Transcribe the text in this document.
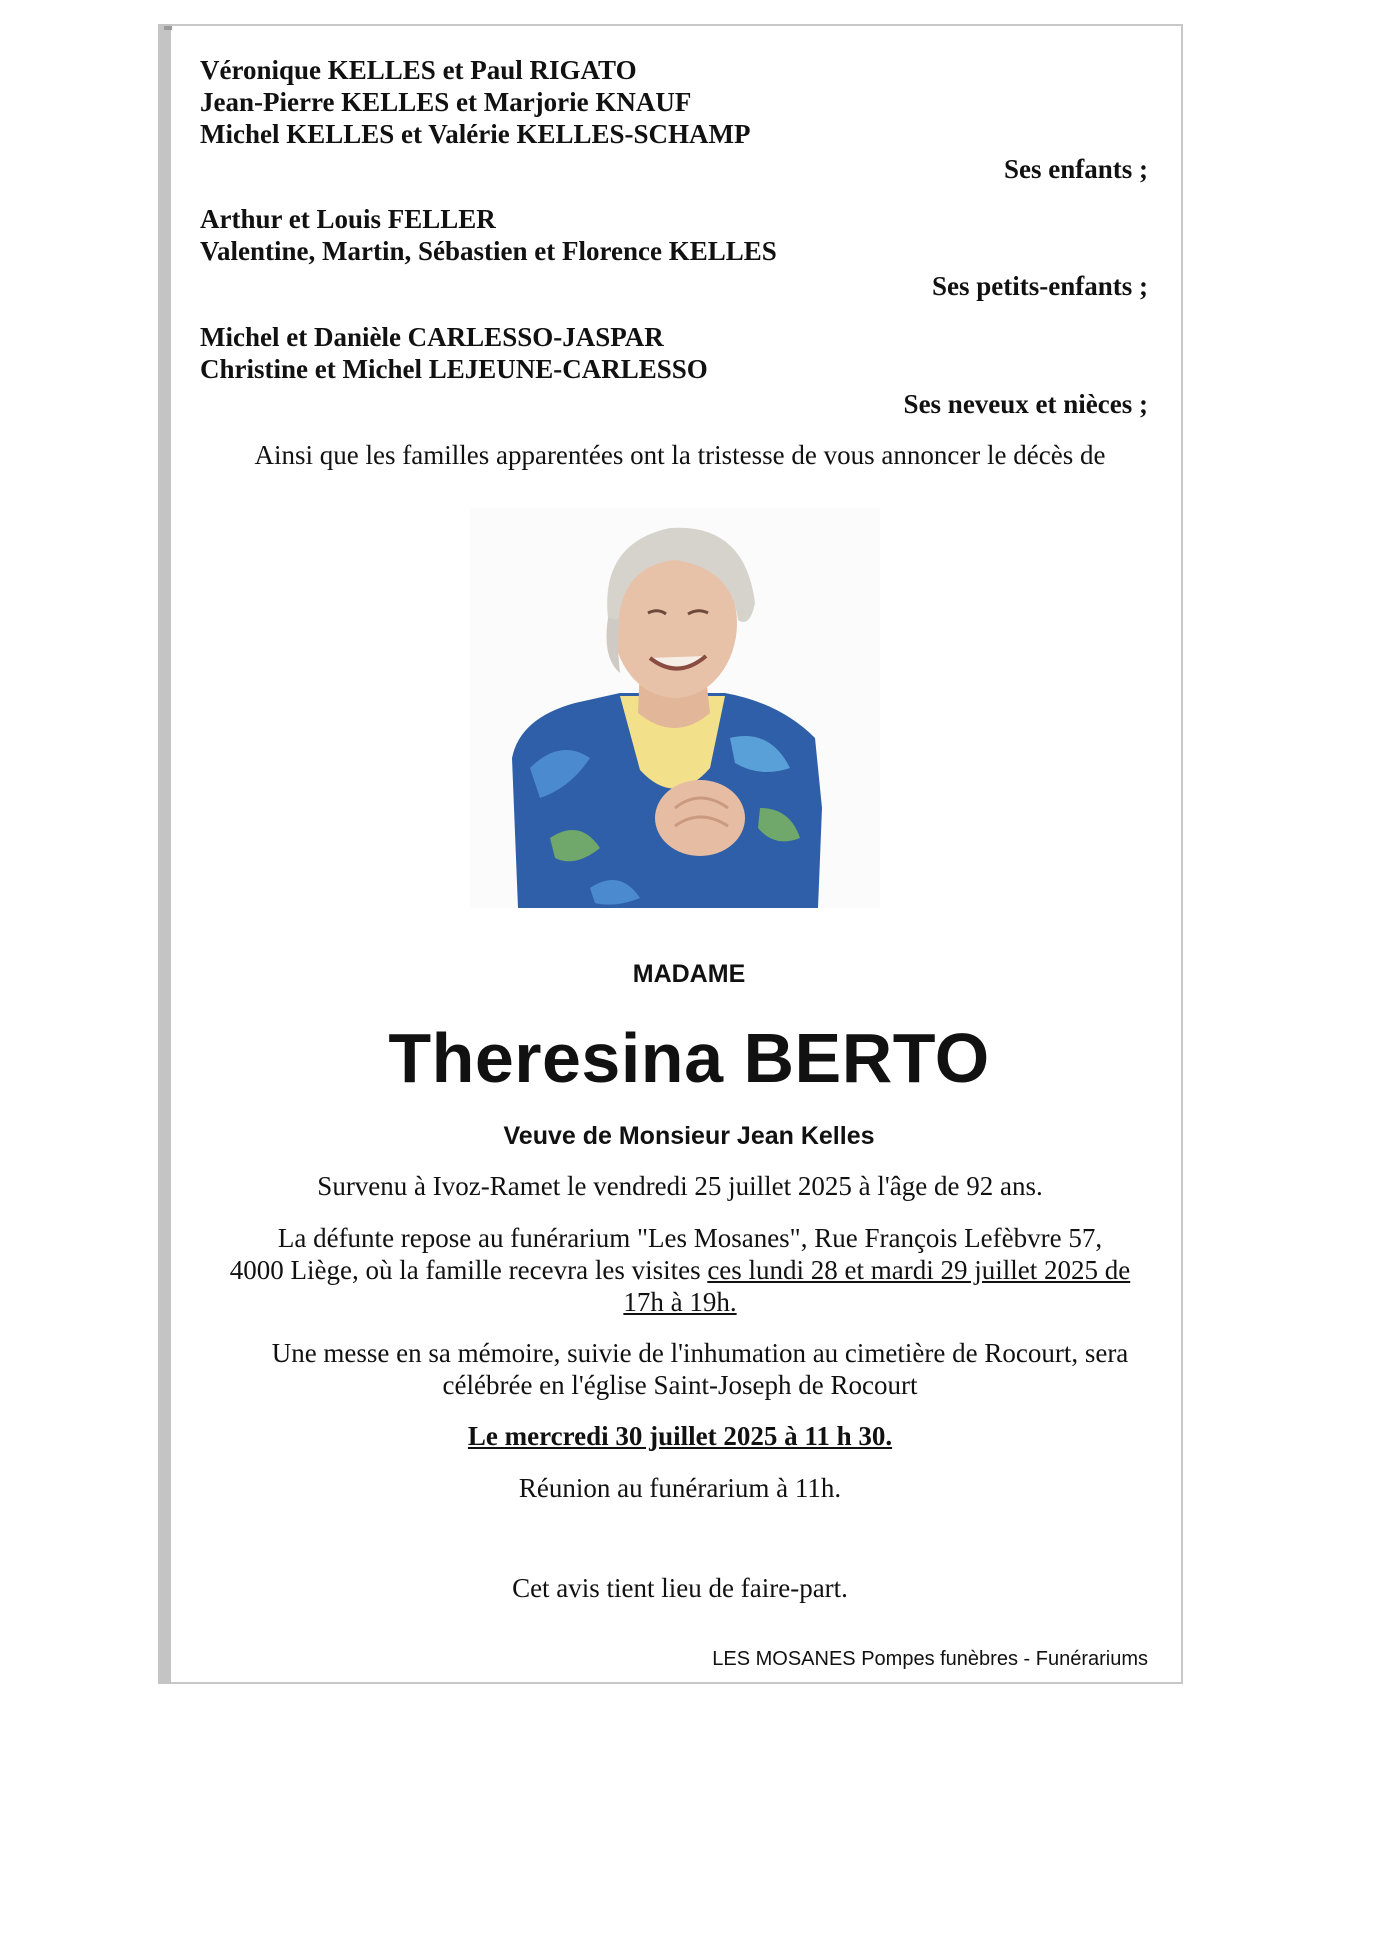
Véronique KELLES et Paul RIGATO
Jean-Pierre KELLES et Marjorie KNAUF
Michel KELLES et Valérie KELLES-SCHAMP
Ses enfants ;
Arthur et Louis FELLER
Valentine, Martin, Sébastien et Florence KELLES
Ses petits-enfants ;
Michel et Danièle CARLESSO-JASPAR
Christine et Michel LEJEUNE-CARLESSO
Ses neveux et nièces ;
Ainsi que les familles apparentées ont la tristesse de vous annoncer le décès de
MADAME
Theresina BERTO
Veuve de Monsieur Jean Kelles
Survenu à Ivoz-Ramet le vendredi 25 juillet 2025 à l'âge de 92 ans.
La défunte repose au funérarium "Les Mosanes", Rue François Lefèbvre 57,
4000 Liège, où la famille recevra les visites ces lundi 28 et mardi 29 juillet 2025 de
17h à 19h.
Une messe en sa mémoire, suivie de l'inhumation au cimetière de Rocourt, sera
célébrée en l'église Saint-Joseph de Rocourt
Le mercredi 30 juillet 2025 à 11 h 30.
Réunion au funérarium à 11h.
Cet avis tient lieu de faire-part.
LES MOSANES Pompes funèbres - Funérariums
